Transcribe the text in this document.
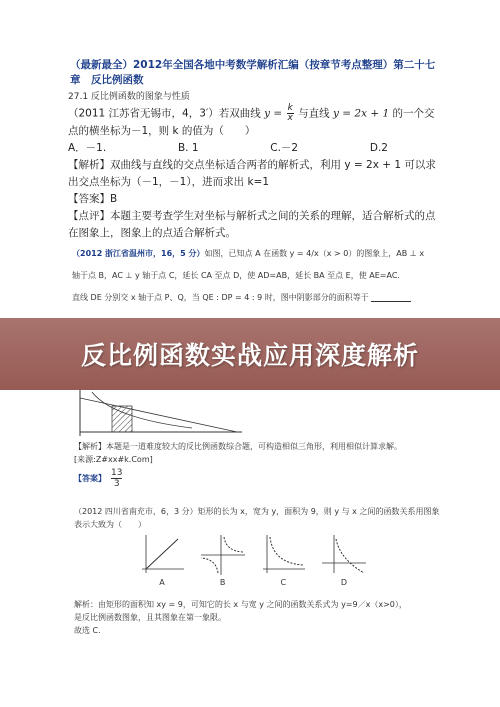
（最新最全）2012年全国各地中考数学解析汇编（按章节考点整理）第二十七章　反比例函数
27.1 反比例函数的图象与性质
（2011 江苏省无锡市，4，3′）若双曲线 $y = \frac{k}{x}$ 与直线 y = 2x + 1 的一个交点的横坐标为－1，则 k 的值为（　　）
A．－1.	B. 1	C.－2	D.2
【解析】双曲线与直线的交点坐标适合两者的解析式，利用 y = 2x + 1 可以求出交点坐标为（－1，－1），进而求出 k=1
【答案】B
【点评】本题主要考查学生对坐标与解析式之间的关系的理解，适合解析式的点在图象上，图象上的点适合解析式。
（2012 浙江省温州市，16，5 分）如图，已知点 A 在函数 y = 4/x（x > 0）的图象上，AB ⊥ x
轴于点 B，AC ⊥ y 轴于点 C，延长 CA 至点 D，使 AD=AB，延长 BA 至点 E，使 AE=AC.
直线 DE 分别交 x 轴于点 P、Q，当 QE : DP = 4 : 9 时，图中阴影部分的面积等于
反比例函数实战应用深度解析
【解析】本题是一道难度较大的反比例函数综合题，可构造相似三角形，利用相似计算求解。
[来源:Z#xx#k.Com]
【答案】 $\frac{13}{3}$
（2012 四川省南充市，6，3 分）矩形的长为 x，宽为 y，面积为 9，则 y 与 x 之间的函数关系用图象表示大致为（　　）
A	B	C	D
解析：由矩形的面积知 xy = 9，可知它的长 x 与宽 y 之间的函数关系式为 y=9／x（x>0），
是反比例函数图象，且其图象在第一象限。
故选 C.
